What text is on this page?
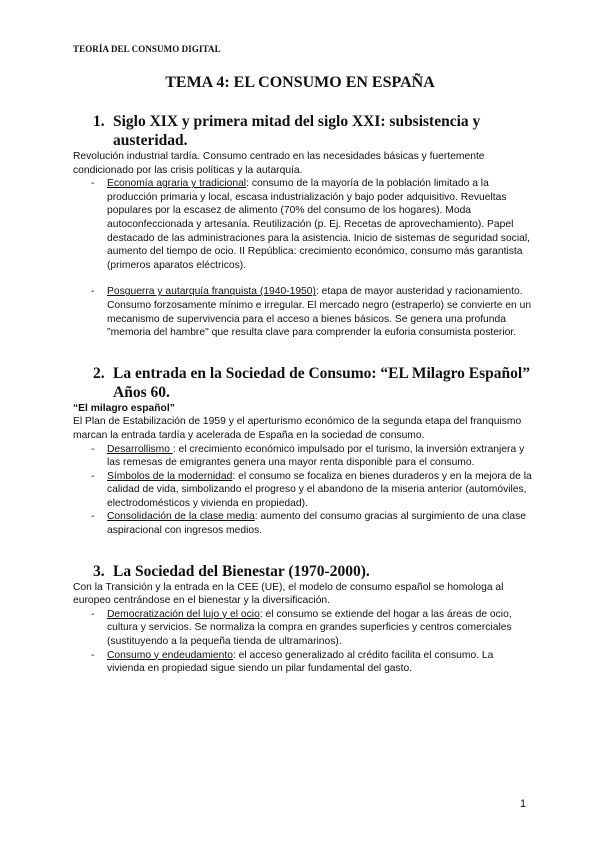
TEORÍA DEL CONSUMO DIGITAL
TEMA 4: EL CONSUMO EN ESPAÑA
1. Siglo XIX y primera mitad del siglo XXI: subsistencia y austeridad.

Revolución industrial tardía. Consumo centrado en las necesidades básicas y fuertemente condicionado por las crisis políticas y la autarquía.

- Economía agraria y tradicional: consumo de la mayoría de la población limitado a la producción primaria y local, escasa industrialización y bajo poder adquisitivo. Revueltas populares por la escasez de alimento (70% del consumo de los hogares). Moda autoconfeccionada y artesanía. Reutilización (p. Ej. Recetas de aprovechamiento). Papel destacado de las administraciones para la asistencia. Inicio de sistemas de seguridad social, aumento del tiempo de ocio. II República: crecimiento económico, consumo más garantista (primeros aparatos eléctricos).
- Posguerra y autarquía franquista (1940-1950): etapa de mayor austeridad y racionamiento. Consumo forzosamente mínimo e irregular. El mercado negro (estraperlo) se convierte en un mecanismo de supervivencia para el acceso a bienes básicos. Se genera una profunda "memoria del hambre" que resulta clave para comprender la euforia consumista posterior.
2. La entrada en la Sociedad de Consumo: “EL Milagro Español” Años 60.

“El milagro español”

El Plan de Estabilización de 1959 y el aperturismo económico de la segunda etapa del franquismo marcan la entrada tardía y acelerada de España en la sociedad de consumo.

- Desarrollismo : el crecimiento económico impulsado por el turismo, la inversión extranjera y las remesas de emigrantes genera una mayor renta disponible para el consumo.
- Símbolos de la modernidad: el consumo se focaliza en bienes duraderos y en la mejora de la calidad de vida, simbolizando el progreso y el abandono de la miseria anterior (automóviles, electrodomésticos y vivienda en propiedad).
- Consolidación de la clase media: aumento del consumo gracias al surgimiento de una clase aspiracional con ingresos medios.
3. La Sociedad del Bienestar (1970-2000).

Con la Transición y la entrada en la CEE (UE), el modelo de consumo español se homologa al europeo centrándose en el bienestar y la diversificación.

- Democratización del lujo y el ocio: el consumo se extiende del hogar a las áreas de ocio, cultura y servicios. Se normaliza la compra en grandes superficies y centros comerciales (sustituyendo a la pequeña tienda de ultramarinos).
- Consumo y endeudamiento: el acceso generalizado al crédito facilita el consumo. La vivienda en propiedad sigue siendo un pilar fundamental del gasto.
1
